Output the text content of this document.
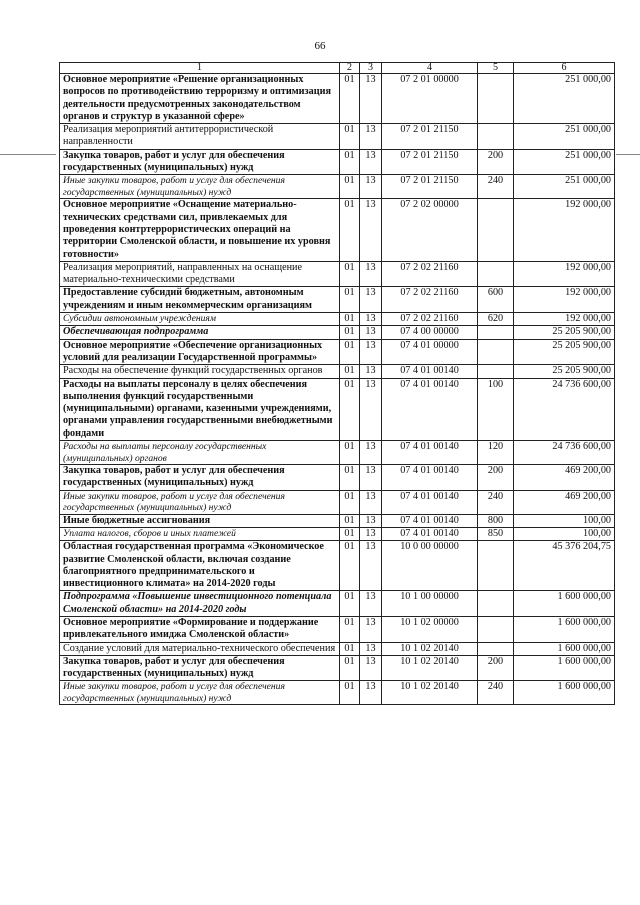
66
1	2	3	4	5	6
Основное мероприятие «Решение организационных вопросов по противодействию терроризму и оптимизация деятельности предусмотренных законодательством органов и структур в указанной сфере»	01	13	07 2 01 00000		251 000,00
Реализация мероприятий антитеррористической направленности	01	13	07 2 01 21150		251 000,00
Закупка товаров, работ и услуг для обеспечения государственных (муниципальных) нужд	01	13	07 2 01 21150	200	251 000,00
Иные закупки товаров, работ и услуг для обеспечения государственных (муниципальных) нужд	01	13	07 2 01 21150	240	251 000,00
Основное мероприятие «Оснащение материально-технических средствами сил, привлекаемых для проведения контртеррористических операций на территории Смоленской области, и повышение их уровня готовности»	01	13	07 2 02 00000		192 000,00
Реализация мероприятий, направленных на оснащение материально-техническими средствами	01	13	07 2 02 21160		192 000,00
Предоставление субсидий бюджетным, автономным учреждениям и иным некоммерческим организациям	01	13	07 2 02 21160	600	192 000,00
Субсидии автономным учреждениям	01	13	07 2 02 21160	620	192 000,00
Обеспечивающая подпрограмма	01	13	07 4 00 00000		25 205 900,00
Основное мероприятие «Обеспечение организационных условий для реализации Государственной программы»	01	13	07 4 01 00000		25 205 900,00
Расходы на обеспечение функций государственных органов	01	13	07 4 01 00140		25 205 900,00
Расходы на выплаты персоналу в целях обеспечения выполнения функций государственными (муниципальными) органами, казенными учреждениями, органами управления государственными внебюджетными фондами	01	13	07 4 01 00140	100	24 736 600,00
Расходы на выплаты персоналу государственных (муниципальных) органов	01	13	07 4 01 00140	120	24 736 600,00
Закупка товаров, работ и услуг для обеспечения государственных (муниципальных) нужд	01	13	07 4 01 00140	200	469 200,00
Иные закупки товаров, работ и услуг для обеспечения государственных (муниципальных) нужд	01	13	07 4 01 00140	240	469 200,00
Иные бюджетные ассигнования	01	13	07 4 01 00140	800	100,00
Уплата налогов, сборов и иных платежей	01	13	07 4 01 00140	850	100,00
Областная государственная программа «Экономическое развитие Смоленской области, включая создание благоприятного предпринимательского и инвестиционного климата» на 2014-2020 годы	01	13	10 0 00 00000		45 376 204,75
Подпрограмма «Повышение инвестиционного потенциала Смоленской области» на 2014-2020 годы	01	13	10 1 00 00000		1 600 000,00
Основное мероприятие «Формирование и поддержание привлекательного имиджа Смоленской области»	01	13	10 1 02 00000		1 600 000,00
Создание условий для материально-технического обеспечения	01	13	10 1 02 20140		1 600 000,00
Закупка товаров, работ и услуг для обеспечения государственных (муниципальных) нужд	01	13	10 1 02 20140	200	1 600 000,00
Иные закупки товаров, работ и услуг для обеспечения государственных (муниципальных) нужд	01	13	10 1 02 20140	240	1 600 000,00
